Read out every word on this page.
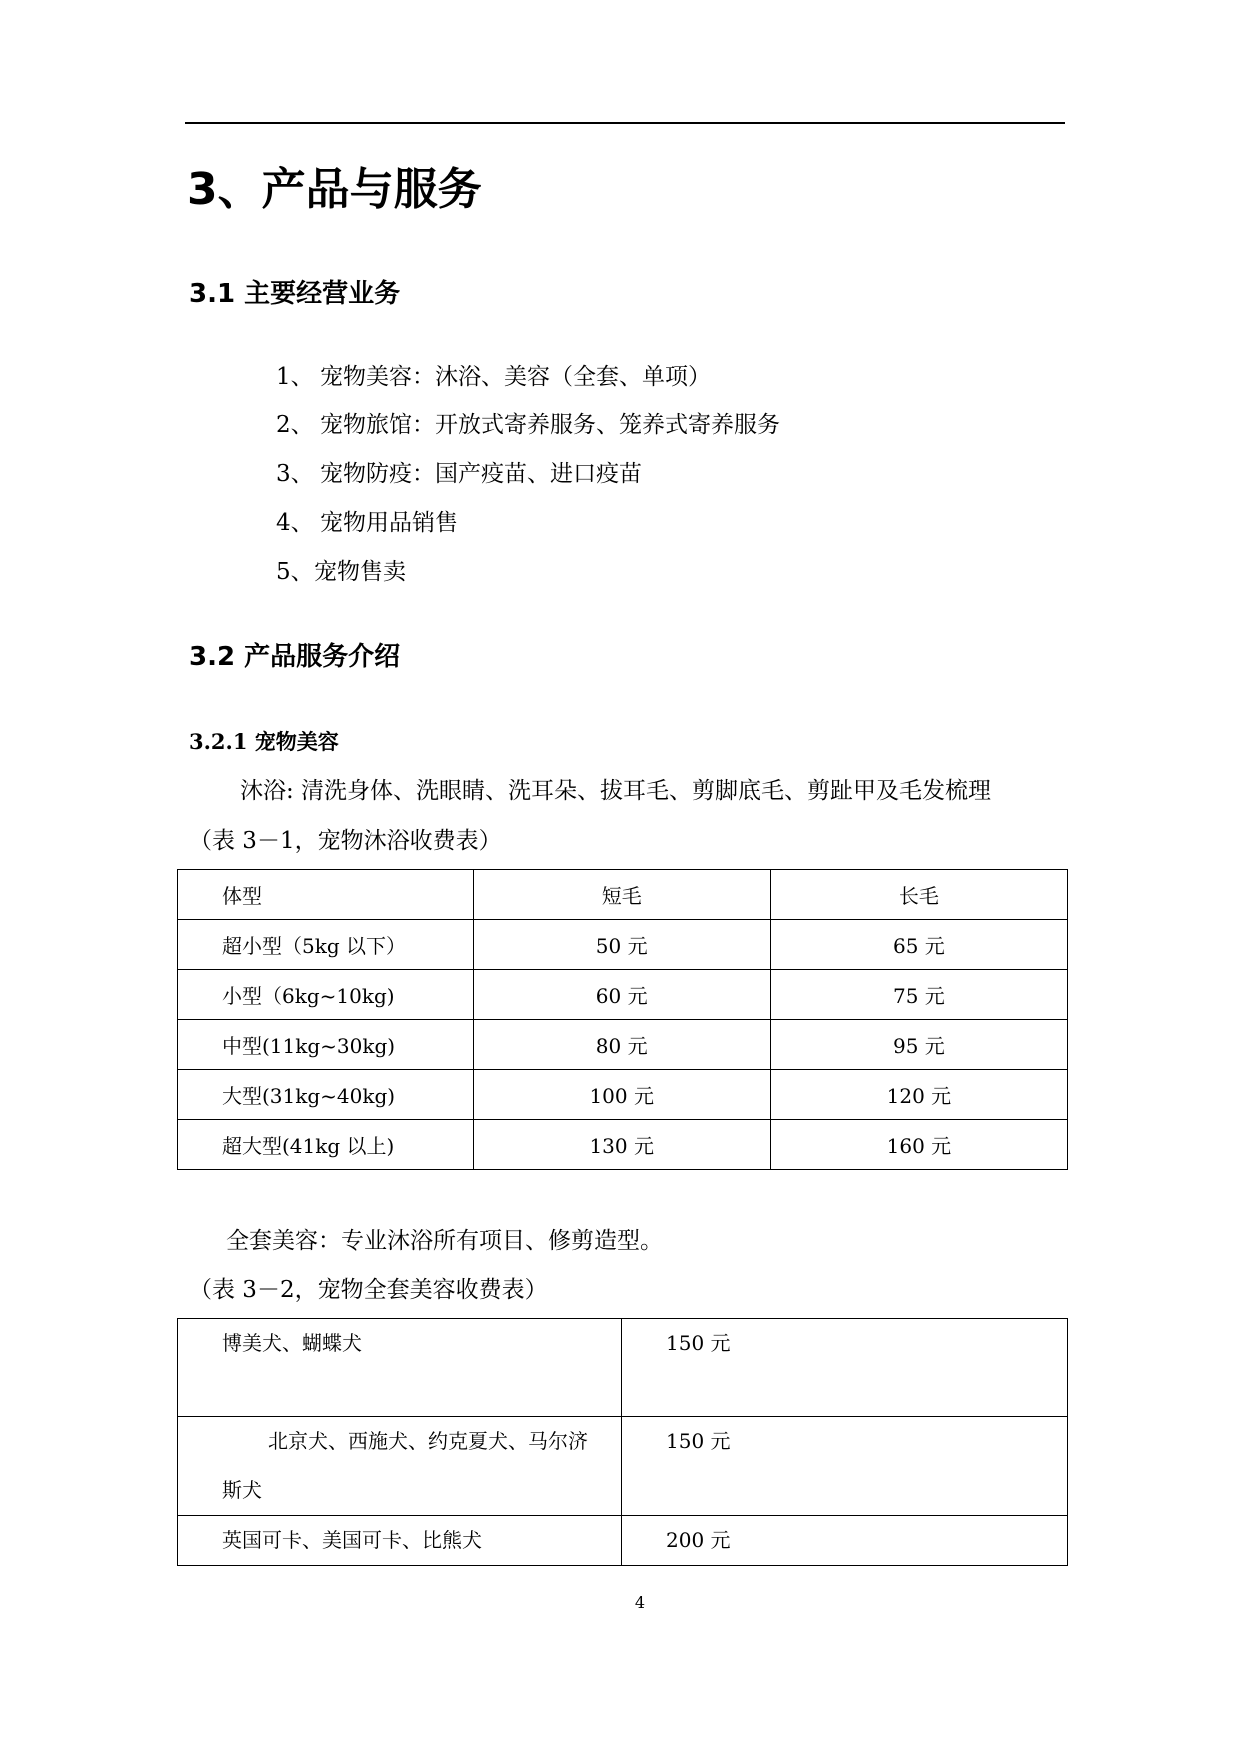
3、产品与服务
3.1 主要经营业务
1、 宠物美容：沐浴、美容（全套、单项）
2、 宠物旅馆：开放式寄养服务、笼养式寄养服务
3、 宠物防疫：国产疫苗、进口疫苗
4、 宠物用品销售
5、宠物售卖
3.2 产品服务介绍
3.2.1 宠物美容
沐浴: 清洗身体、洗眼睛、洗耳朵、拔耳毛、剪脚底毛、剪趾甲及毛发梳理
（表 3－1，宠物沐浴收费表）
体型	短毛	长毛
超小型（5kg 以下）	50 元	65 元
小型（6kg~10kg)	60 元	75 元
中型(11kg~30kg)	80 元	95 元
大型(31kg~40kg)	100 元	120 元
超大型(41kg 以上)	130 元	160 元
全套美容：专业沐浴所有项目、修剪造型。
（表 3－2，宠物全套美容收费表）
博美犬、蝴蝶犬	150 元

北京犬、西施犬、约克夏犬、马尔济
斯犬	150 元

英国可卡、美国可卡、比熊犬	200 元
4
